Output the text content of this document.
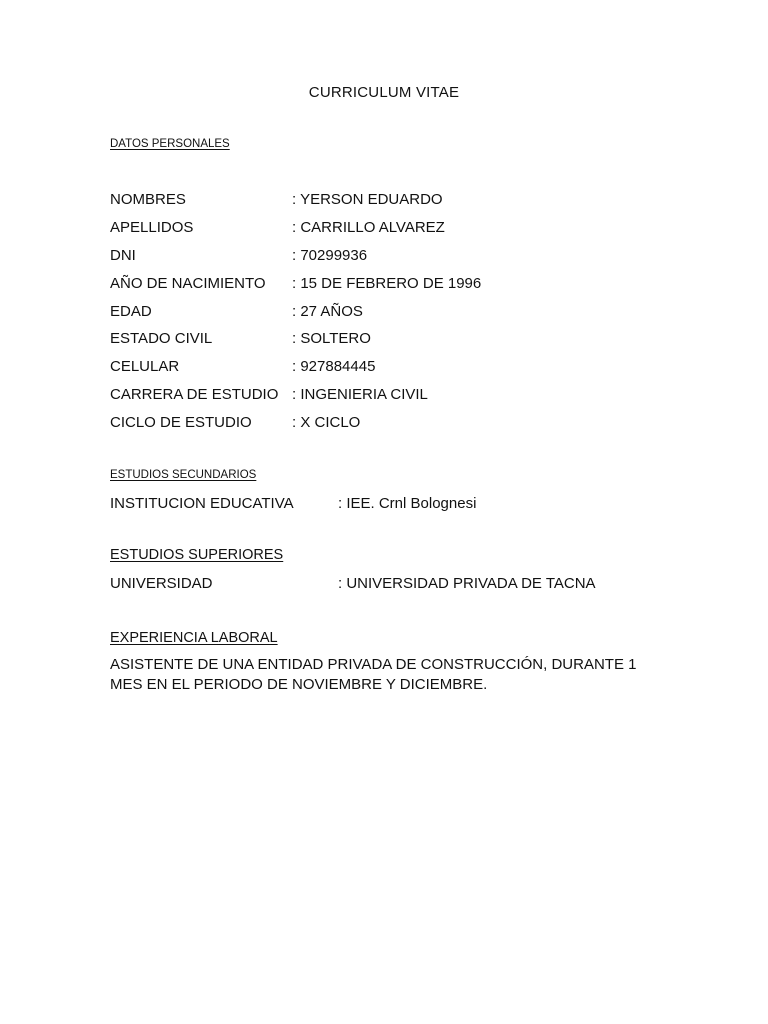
CURRICULUM VITAE
DATOS PERSONALES
NOMBRES	: YERSON EDUARDO
APELLIDOS	: CARRILLO ALVAREZ
DNI	: 70299936
AÑO DE NACIMIENTO : 15 DE FEBRERO DE 1996
EDAD	: 27 AÑOS
ESTADO CIVIL	: SOLTERO
CELULAR	: 927884445
CARRERA DE ESTUDIO : INGENIERIA CIVIL
CICLO DE ESTUDIO	: X CICLO
ESTUDIOS SECUNDARIOS
INSTITUCION EDUCATIVA	: IEE. Crnl Bolognesi
ESTUDIOS SUPERIORES
UNIVERSIDAD	: UNIVERSIDAD PRIVADA DE TACNA
EXPERIENCIA LABORAL
ASISTENTE DE UNA ENTIDAD PRIVADA DE CONSTRUCCIÓN, DURANTE 1 MES EN EL PERIODO DE NOVIEMBRE Y DICIEMBRE.
